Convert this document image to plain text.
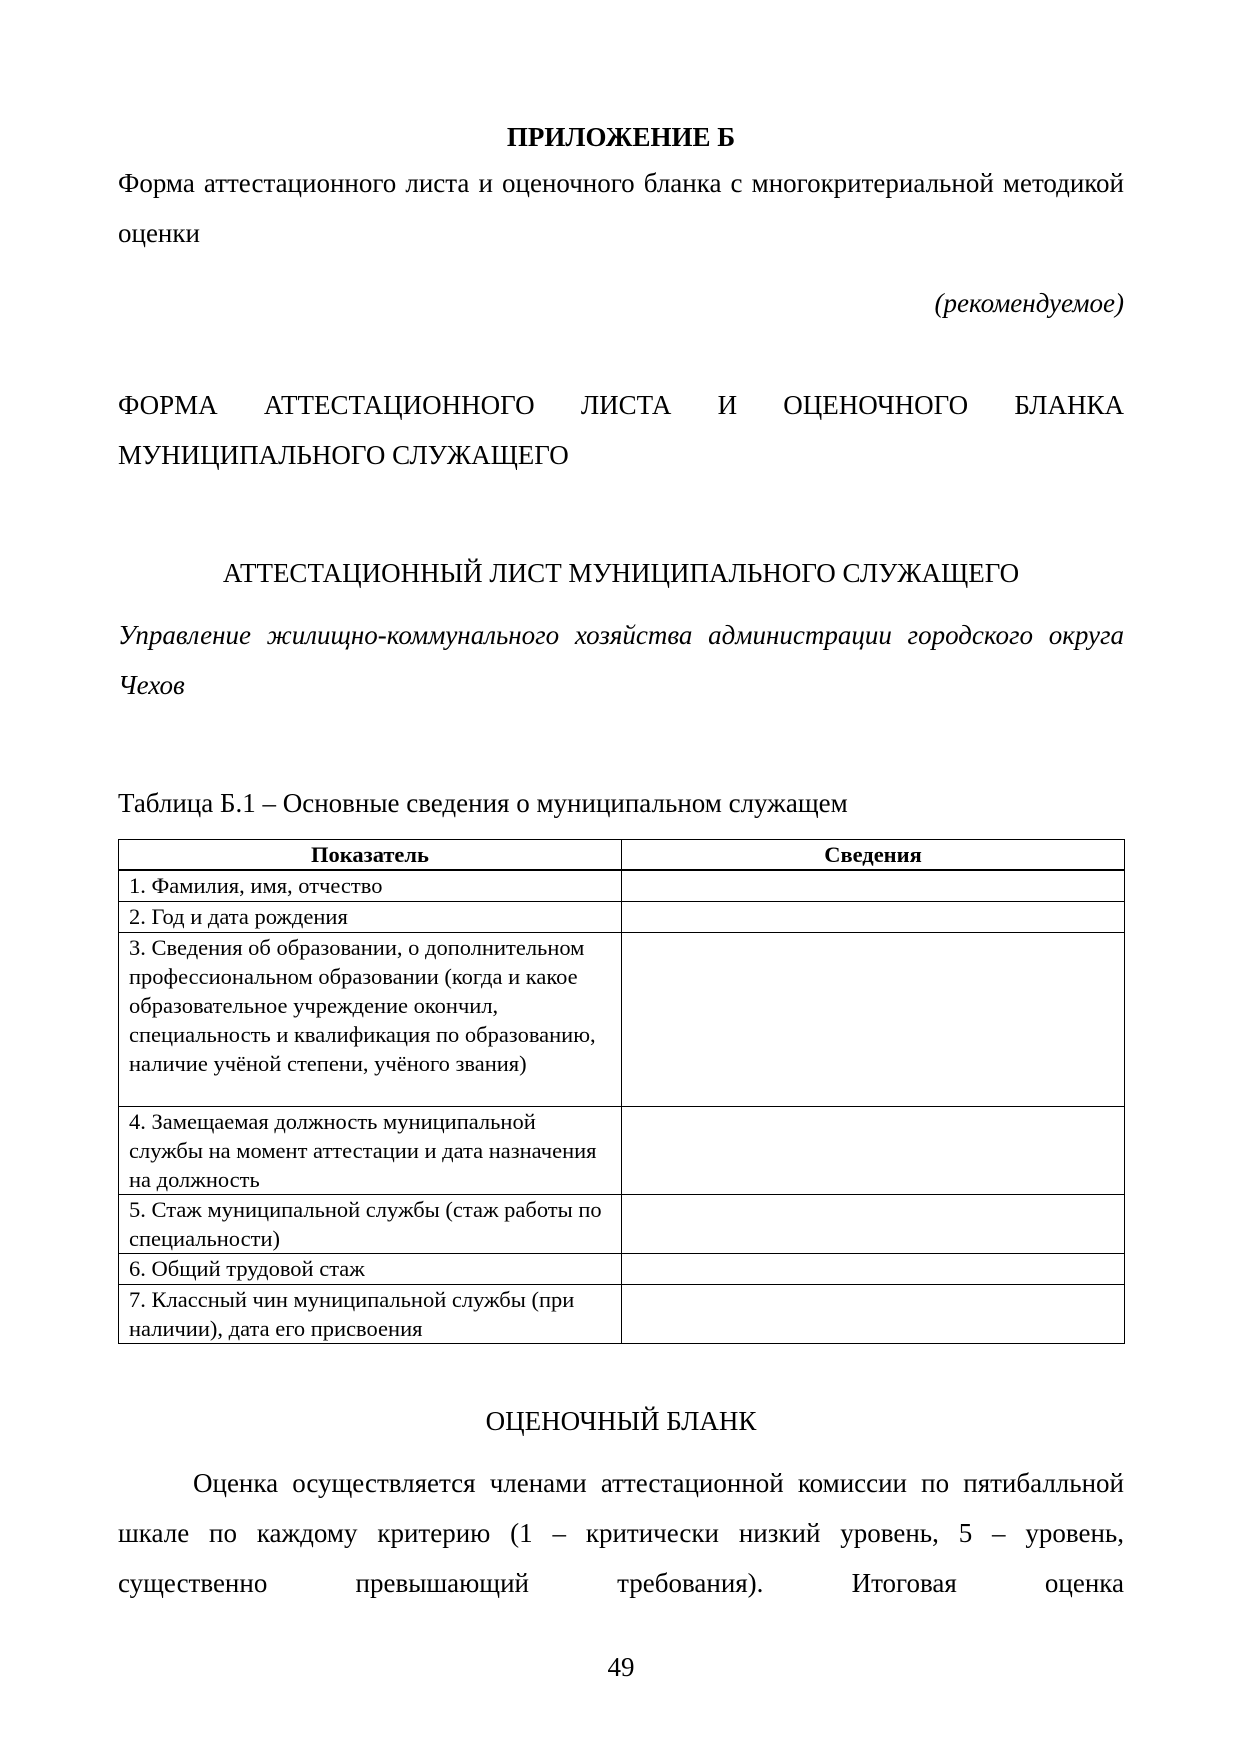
ПРИЛОЖЕНИЕ Б
Форма аттестационного листа и оценочного бланка с многокритериальной методикой оценки
(рекомендуемое)
ФОРМА АТТЕСТАЦИОННОГО ЛИСТА И ОЦЕНОЧНОГО БЛАНКА МУНИЦИПАЛЬНОГО СЛУЖАЩЕГО
АТТЕСТАЦИОННЫЙ ЛИСТ МУНИЦИПАЛЬНОГО СЛУЖАЩЕГО
Управление жилищно-коммунального хозяйства администрации городского округа Чехов
Таблица Б.1 – Основные сведения о муниципальном служащем
Показатель	Сведения
1. Фамилия, имя, отчество	
2. Год и дата рождения	
3. Сведения об образовании, о дополнительном профессиональном образовании (когда и какое образовательное учреждение окончил, специальность и квалификация по образованию, наличие учёной степени, учёного звания)	
4. Замещаемая должность муниципальной службы на момент аттестации и дата назначения на должность	
5. Стаж муниципальной службы (стаж работы по специальности)	
6. Общий трудовой стаж	
7. Классный чин муниципальной службы (при наличии), дата его присвоения	
ОЦЕНОЧНЫЙ БЛАНК

Оценка осуществляется членами аттестационной комиссии по пятибалльной шкале по каждому критерию (1 – критически низкий уровень, 5 – уровень, существенно превышающий требования). Итоговая оценка

49
